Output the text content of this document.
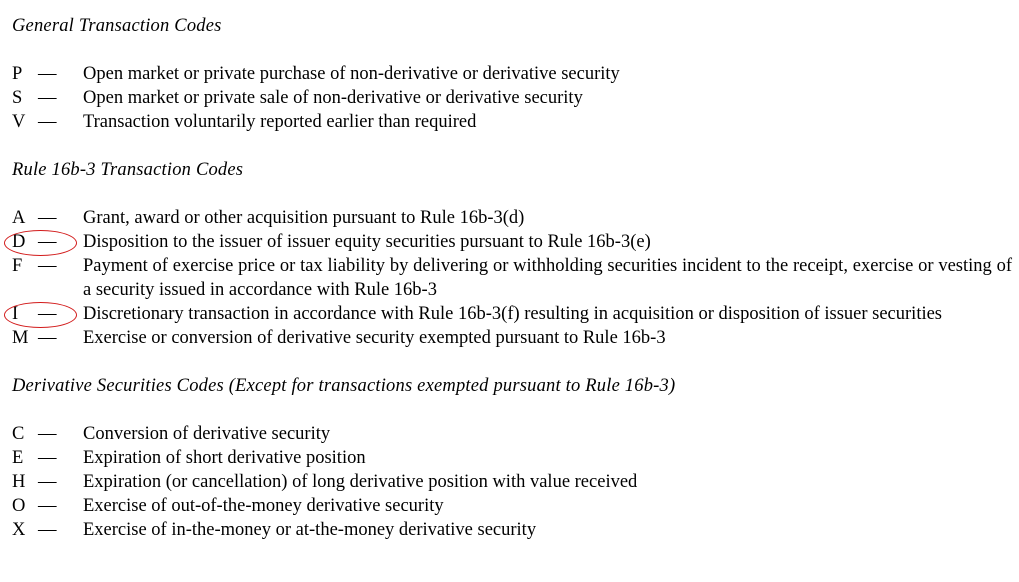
General Transaction Codes
P —	Open market or private purchase of non-derivative or derivative security
S —	Open market or private sale of non-derivative or derivative security
V —	Transaction voluntarily reported earlier than required
Rule 16b-3 Transaction Codes
A —	Grant, award or other acquisition pursuant to Rule 16b-3(d)
D —	Disposition to the issuer of issuer equity securities pursuant to Rule 16b-3(e)
F —	Payment of exercise price or tax liability by delivering or withholding securities incident to the receipt, exercise or vesting of a security issued in accordance with Rule 16b-3
I	—	Discretionary transaction in accordance with Rule 16b-3(f) resulting in acquisition or disposition of issuer securities
M —	Exercise or conversion of derivative security exempted pursuant to Rule 16b-3
Derivative Securities Codes (Except for transactions exempted pursuant to Rule 16b-3)
C —	Conversion of derivative security
E —	Expiration of short derivative position
H —	Expiration (or cancellation) of long derivative position with value received
O —	Exercise of out-of-the-money derivative security
X —	Exercise of in-the-money or at-the-money derivative security
